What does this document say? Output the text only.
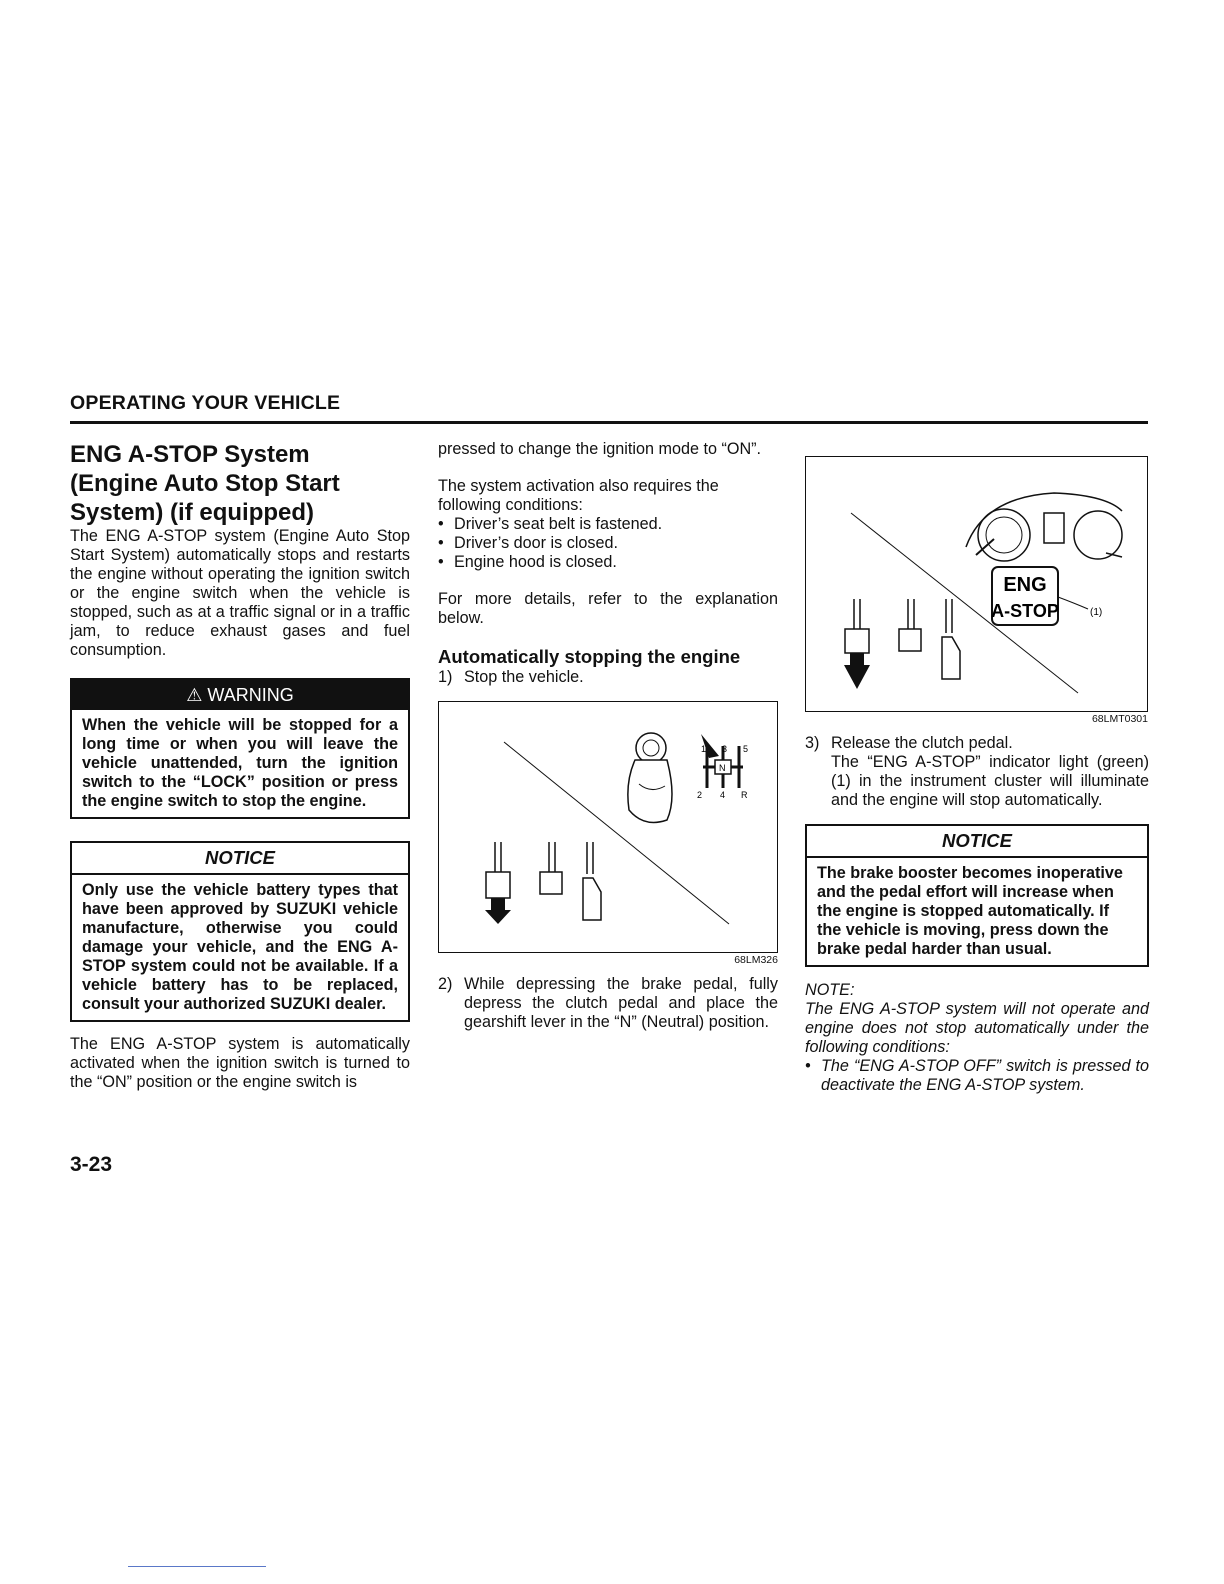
OPERATING YOUR VEHICLE
ENG A-STOP System
(Engine Auto Stop Start
System) (if equipped)

The ENG A-STOP system (Engine Auto Stop Start System) automatically stops and restarts the engine without operating the ignition switch or the engine switch when the vehicle is stopped, such as at a traffic signal or in a traffic jam, to reduce exhaust gases and fuel consumption.

⚠ WARNING
When the vehicle will be stopped for a long time or when you will leave the vehicle unattended, turn the ignition switch to the “LOCK” position or press the engine switch to stop the engine.
NOTICE
Only use the vehicle battery types that have been approved by SUZUKI vehicle manufacture, otherwise you could damage your vehicle, and the ENG A-STOP system could not be available. If a vehicle battery has to be replaced, consult your authorized SUZUKI dealer.

The ENG A-STOP system is automatically activated when the ignition switch is turned to the “ON” position or the engine switch is

pressed to change the ignition mode to “ON”.

The system activation also requires the following conditions:

• Driver’s seat belt is fastened.
• Driver’s door is closed.
• Engine hood is closed.

For more details, refer to the explanation below.

Automatically stopping the engine
1) Stop the vehicle.
1 3 5
N
2 4 R
68LM326
2) While depressing the brake pedal, fully depress the clutch pedal and place the gearshift lever in the “N” (Neutral) position.
ENG
A-STOP	(1)
68LMT0301
3) Release the clutch pedal.
The “ENG A-STOP” indicator light (green) (1) in the instrument cluster will illuminate and the engine will stop automatically.
NOTICE
The brake booster becomes inoperative and the pedal effort will increase when the engine is stopped automatically. If the vehicle is moving, press down the brake pedal harder than usual.
NOTE:
The ENG A-STOP system will not operate and engine does not stop automatically under the following conditions:
• The “ENG A-STOP OFF” switch is pressed to deactivate the ENG A-STOP system.
3-23
